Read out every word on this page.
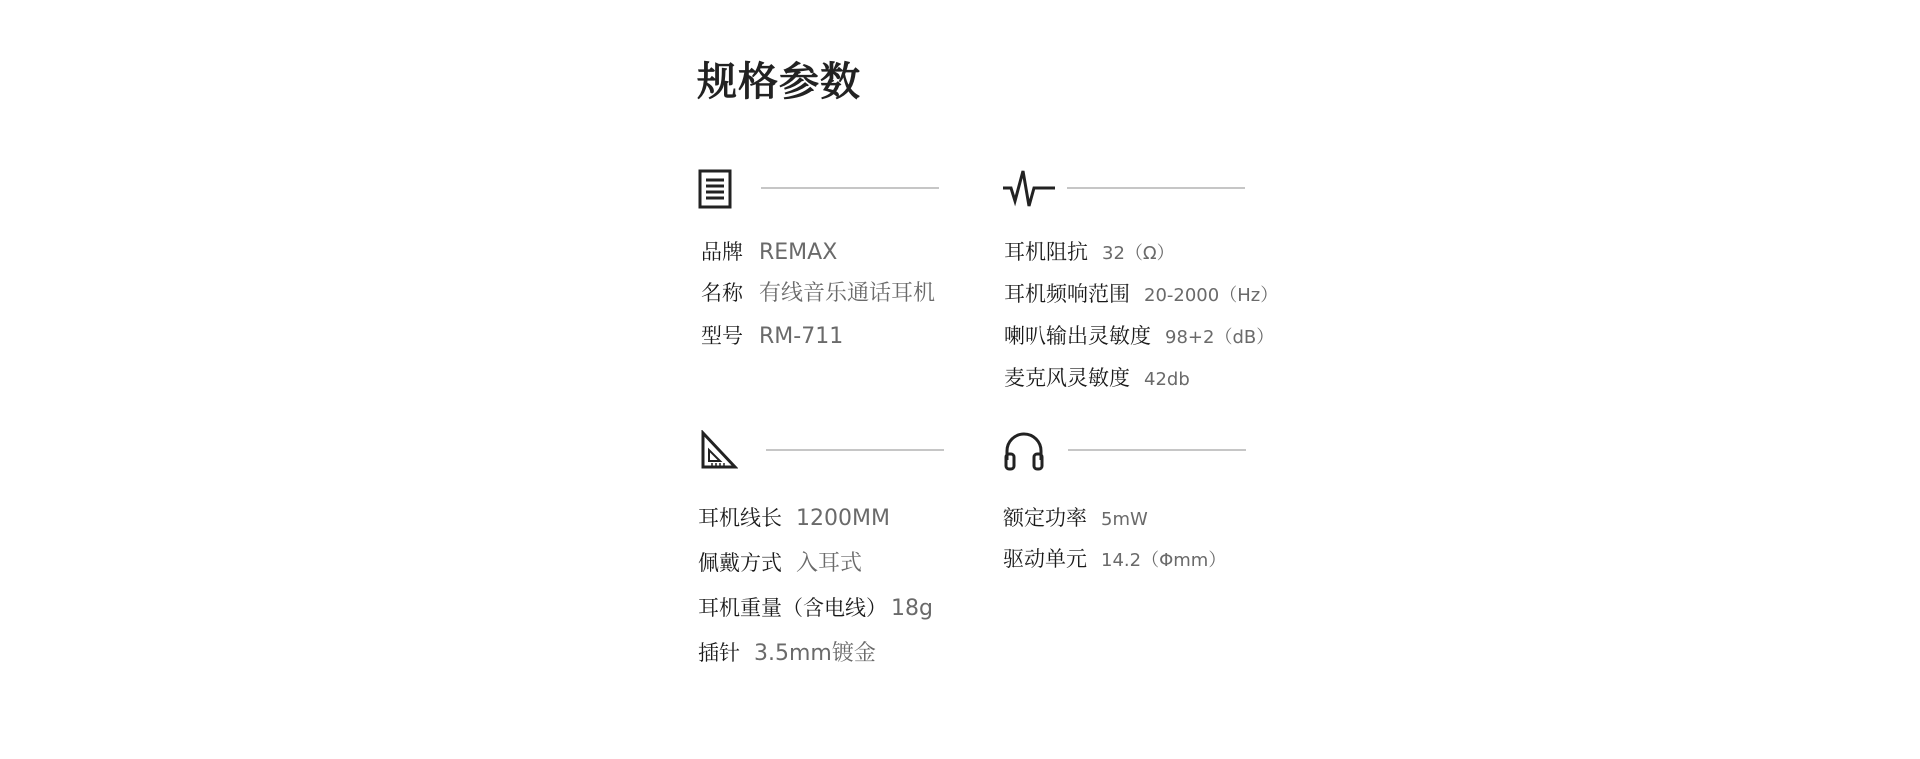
规格参数
品牌 REMAX
名称 有线音乐通话耳机
型号 RM-711
耳机阻抗 32（Ω）
耳机频响范围 20-2000（Hz）
喇叭输出灵敏度 98+2（dB）
麦克风灵敏度 42db
耳机线长 1200MM
佩戴方式 入耳式
耳机重量（含电线） 18g
插针 3.5mm镀金
额定功率 5mW
驱动单元 14.2（Φmm）
